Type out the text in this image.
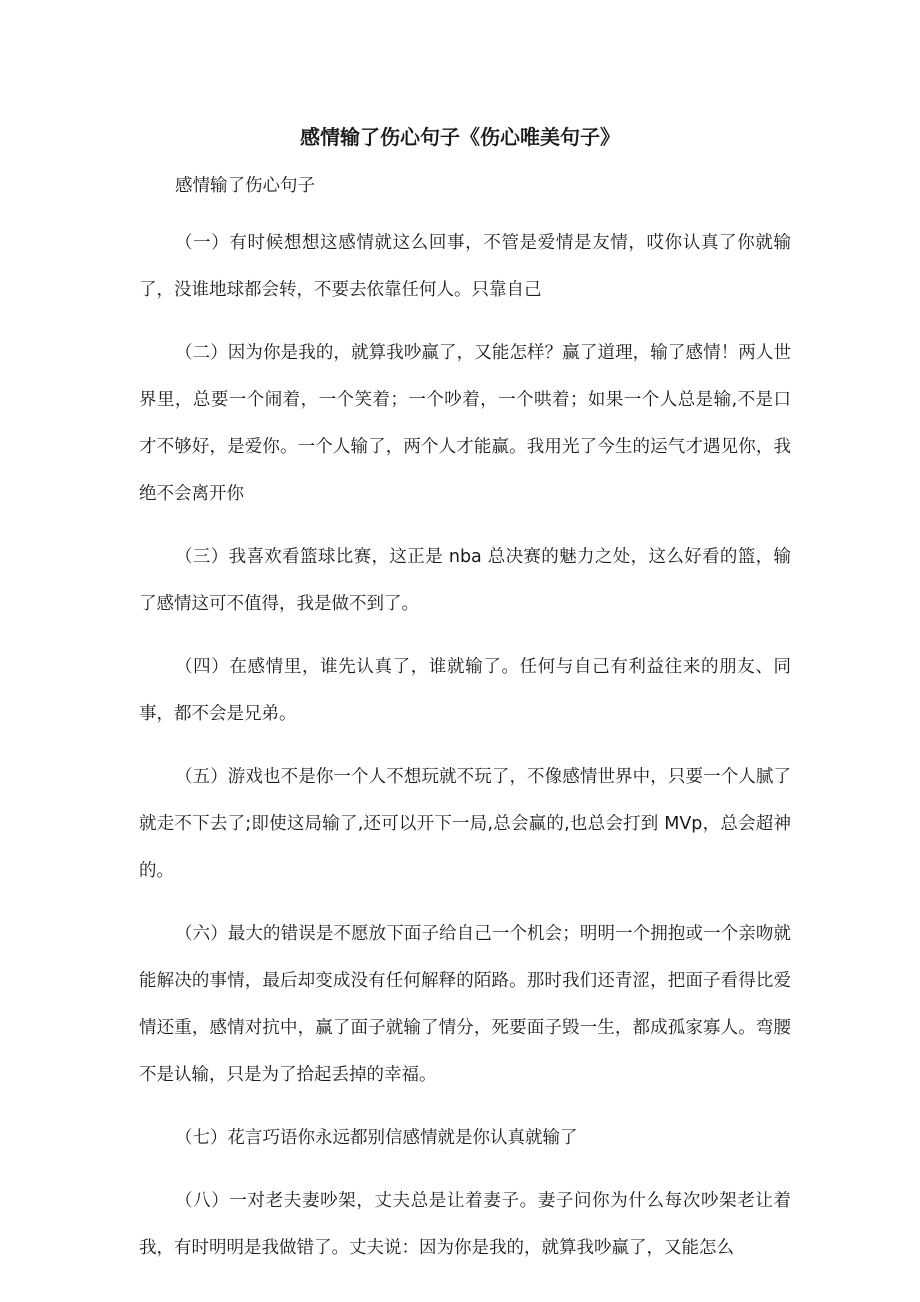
感情输了伤心句子《伤心唯美句子》

感情输了伤心句子

（一）有时候想想这感情就这么回事，不管是爱情是友情，哎你认真了你就输了，没谁地球都会转，不要去依靠任何人。只靠自己

（二）因为你是我的，就算我吵赢了，又能怎样？赢了道理，输了感情！两人世界里，总要一个闹着，一个笑着；一个吵着，一个哄着；如果一个人总是输,不是口才不够好，是爱你。一个人输了，两个人才能赢。我用光了今生的运气才遇见你，我绝不会离开你

（三）我喜欢看篮球比赛，这正是 nba 总决赛的魅力之处，这么好看的篮，输了感情这可不值得，我是做不到了。

（四）在感情里，谁先认真了，谁就输了。任何与自己有利益往来的朋友、同事，都不会是兄弟。

（五）游戏也不是你一个人不想玩就不玩了，不像感情世界中，只要一个人腻了就走不下去了;即使这局输了,还可以开下一局,总会赢的,也总会打到 MVp，总会超神的。

（六）最大的错误是不愿放下面子给自己一个机会；明明一个拥抱或一个亲吻就能解决的事情，最后却变成没有任何解释的陌路。那时我们还青涩，把面子看得比爱情还重，感情对抗中，赢了面子就输了情分，死要面子毁一生，都成孤家寡人。弯腰不是认输，只是为了拾起丢掉的幸福。

（七）花言巧语你永远都别信感情就是你认真就输了

（八）一对老夫妻吵架，丈夫总是让着妻子。妻子问你为什么每次吵架老让着我，有时明明是我做错了。丈夫说：因为你是我的，就算我吵赢了，又能怎么
